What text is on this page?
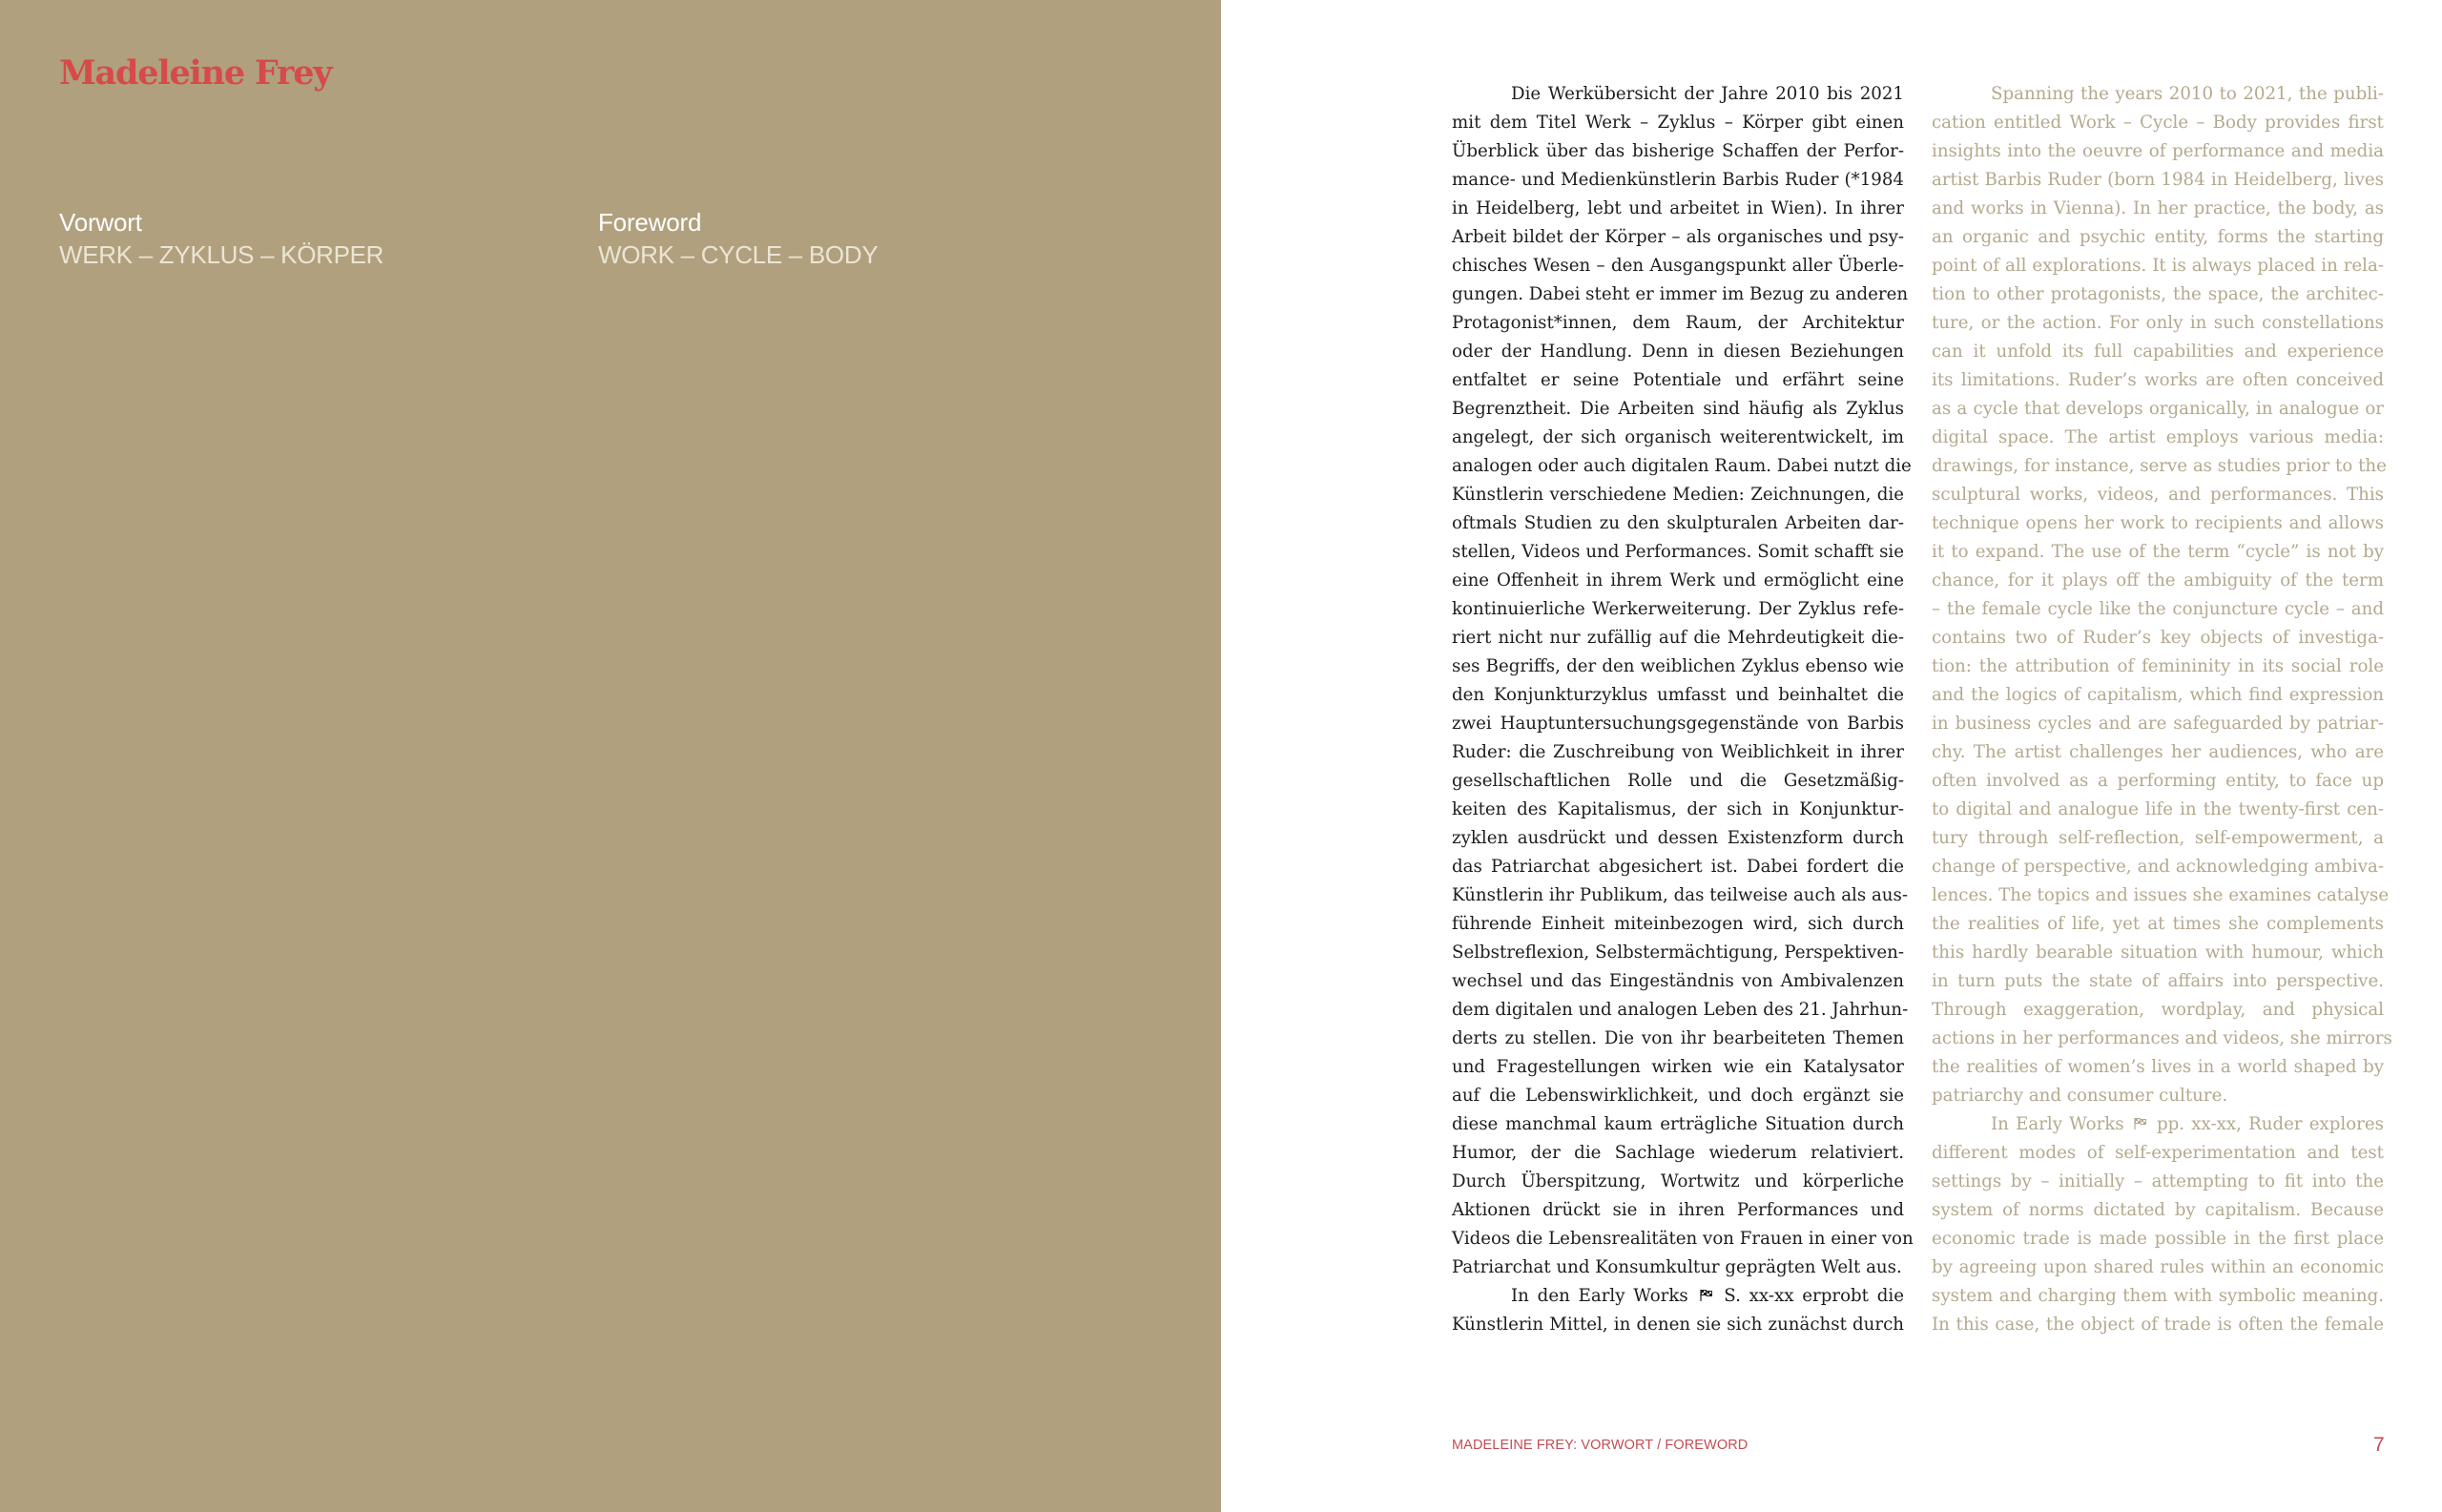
Madeleine Frey
Vorwort
WERK – ZYKLUS – KÖRPER
Foreword
WORK – CYCLE – BODY
Die Werkübersicht der Jahre 2010 bis 2021
mit dem Titel Werk – Zyklus – Körper gibt einen
Überblick über das bisherige Schaffen der Perfor-
mance- und Medienkünstlerin Barbis Ruder (*1984
in Heidelberg, lebt und arbeitet in Wien). In ihrer
Arbeit bildet der Körper – als organisches und psy-
chisches Wesen – den Ausgangspunkt aller Überle-
gungen. Dabei steht er immer im Bezug zu anderen
Protagonist*innen, dem Raum, der Architektur
oder der Handlung. Denn in diesen Beziehungen
entfaltet er seine Potentiale und erfährt seine
Begrenztheit. Die Arbeiten sind häufig als Zyklus
angelegt, der sich organisch weiterentwickelt, im
analogen oder auch digitalen Raum. Dabei nutzt die
Künstlerin verschiedene Medien: Zeichnungen, die
oftmals Studien zu den skulpturalen Arbeiten dar-
stellen, Videos und Performances. Somit schafft sie
eine Offenheit in ihrem Werk und ermöglicht eine
kontinuierliche Werkerweiterung. Der Zyklus refe-
riert nicht nur zufällig auf die Mehrdeutigkeit die-
ses Begriffs, der den weiblichen Zyklus ebenso wie
den Konjunkturzyklus umfasst und beinhaltet die
zwei Hauptuntersuchungsgegenstände von Barbis
Ruder: die Zuschreibung von Weiblichkeit in ihrer
gesellschaftlichen Rolle und die Gesetzmäßig-
keiten des Kapitalismus, der sich in Konjunktur-
zyklen ausdrückt und dessen Existenzform durch
das Patriarchat abgesichert ist. Dabei fordert die
Künstlerin ihr Publikum, das teilweise auch als aus-
führende Einheit miteinbezogen wird, sich durch
Selbstreflexion, Selbstermächtigung, Perspektiven-
wechsel und das Eingeständnis von Ambivalenzen
dem digitalen und analogen Leben des 21. Jahrhun-
derts zu stellen. Die von ihr bearbeiteten Themen
und Fragestellungen wirken wie ein Katalysator
auf die Lebenswirklichkeit, und doch ergänzt sie
diese manchmal kaum erträgliche Situation durch
Humor, der die Sachlage wiederum relativiert.
Durch Überspitzung, Wortwitz und körperliche
Aktionen drückt sie in ihren Performances und
Videos die Lebensrealitäten von Frauen in einer von
Patriarchat und Konsumkultur geprägten Welt aus.
In den Early Works S. xx-xx erprobt die
Künstlerin Mittel, in denen sie sich zunächst durch
Spanning the years 2010 to 2021, the publi-
cation entitled Work – Cycle – Body provides first
insights into the oeuvre of performance and media
artist Barbis Ruder (born 1984 in Heidelberg, lives
and works in Vienna). In her practice, the body, as
an organic and psychic entity, forms the starting
point of all explorations. It is always placed in rela-
tion to other protagonists, the space, the architec-
ture, or the action. For only in such constellations
can it unfold its full capabilities and experience
its limitations. Ruder’s works are often conceived
as a cycle that develops organically, in analogue or
digital space. The artist employs various media:
drawings, for instance, serve as studies prior to the
sculptural works, videos, and performances. This
technique opens her work to recipients and allows
it to expand. The use of the term “cycle” is not by
chance, for it plays off the ambiguity of the term
– the female cycle like the conjuncture cycle – and
contains two of Ruder’s key objects of investiga-
tion: the attribution of femininity in its social role
and the logics of capitalism, which find expression
in business cycles and are safeguarded by patriar-
chy. The artist challenges her audiences, who are
often involved as a performing entity, to face up
to digital and analogue life in the twenty-first cen-
tury through self-reflection, self-empowerment, a
change of perspective, and acknowledging ambiva-
lences. The topics and issues she examines catalyse
the realities of life, yet at times she complements
this hardly bearable situation with humour, which
in turn puts the state of affairs into perspective.
Through exaggeration, wordplay, and physical
actions in her performances and videos, she mirrors
the realities of women’s lives in a world shaped by
patriarchy and consumer culture.
In Early Works pp. xx-xx, Ruder explores
different modes of self-experimentation and test
settings by – initially – attempting to fit into the
system of norms dictated by capitalism. Because
economic trade is made possible in the first place
by agreeing upon shared rules within an economic
system and charging them with symbolic meaning.
In this case, the object of trade is often the female
MADELEINE FREY: VORWORT / FOREWORD	7
